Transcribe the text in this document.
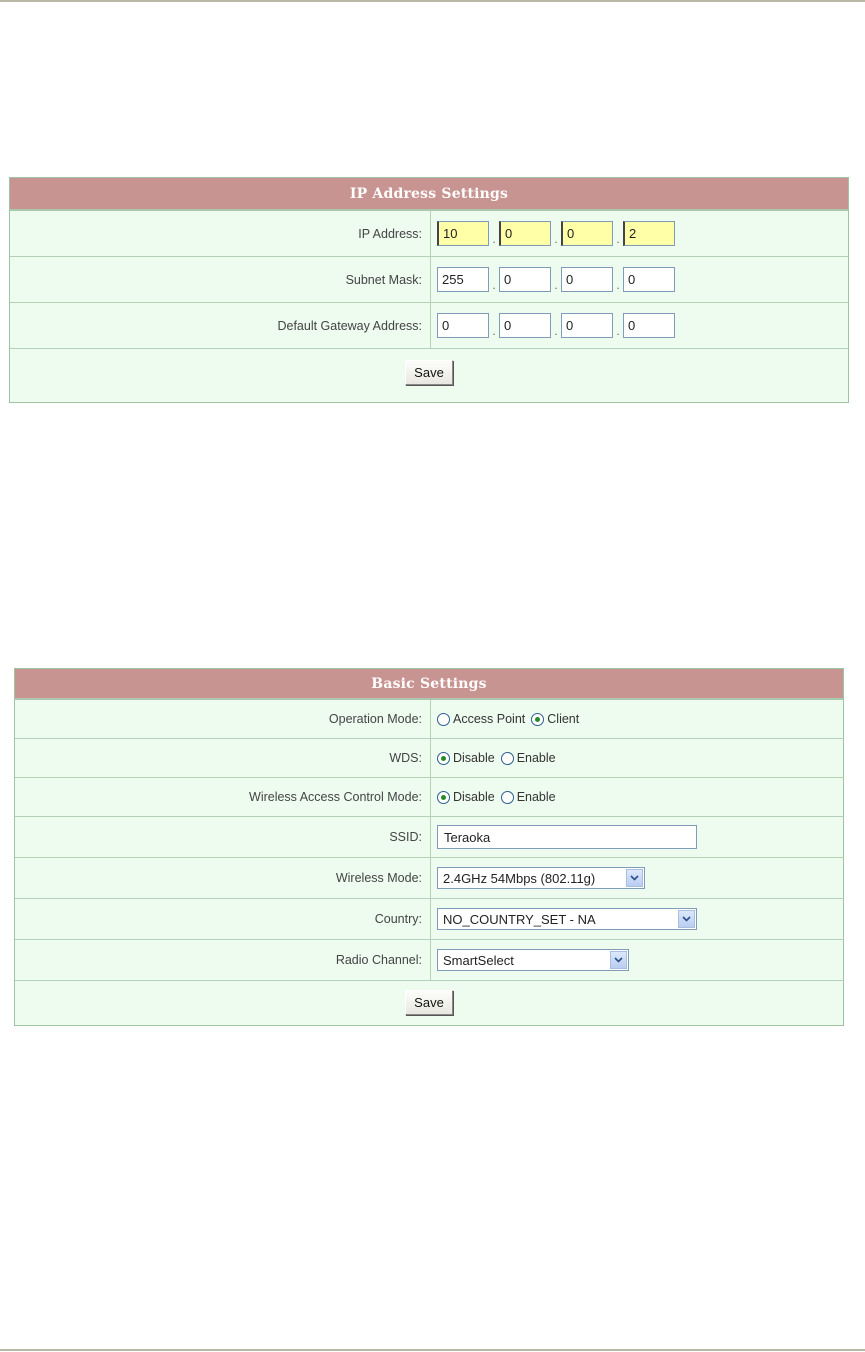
IP Address Settings
IP Address:
10	.
0	.
0	.
2
Subnet Mask:
255	.
0	.
0	.
0
Default Gateway Address:
0	.
0	.
0	.
0
Save
Basic Settings
Operation Mode:	Access Point Client
WDS:	Disable Enable
Wireless Access Control Mode:	Disable Enable
SSID:
Teraoka
Wireless Mode:	2.4GHz 54Mbps (802.11g)
Country:	NO_COUNTRY_SET - NA
Radio Channel:	SmartSelect
Save
